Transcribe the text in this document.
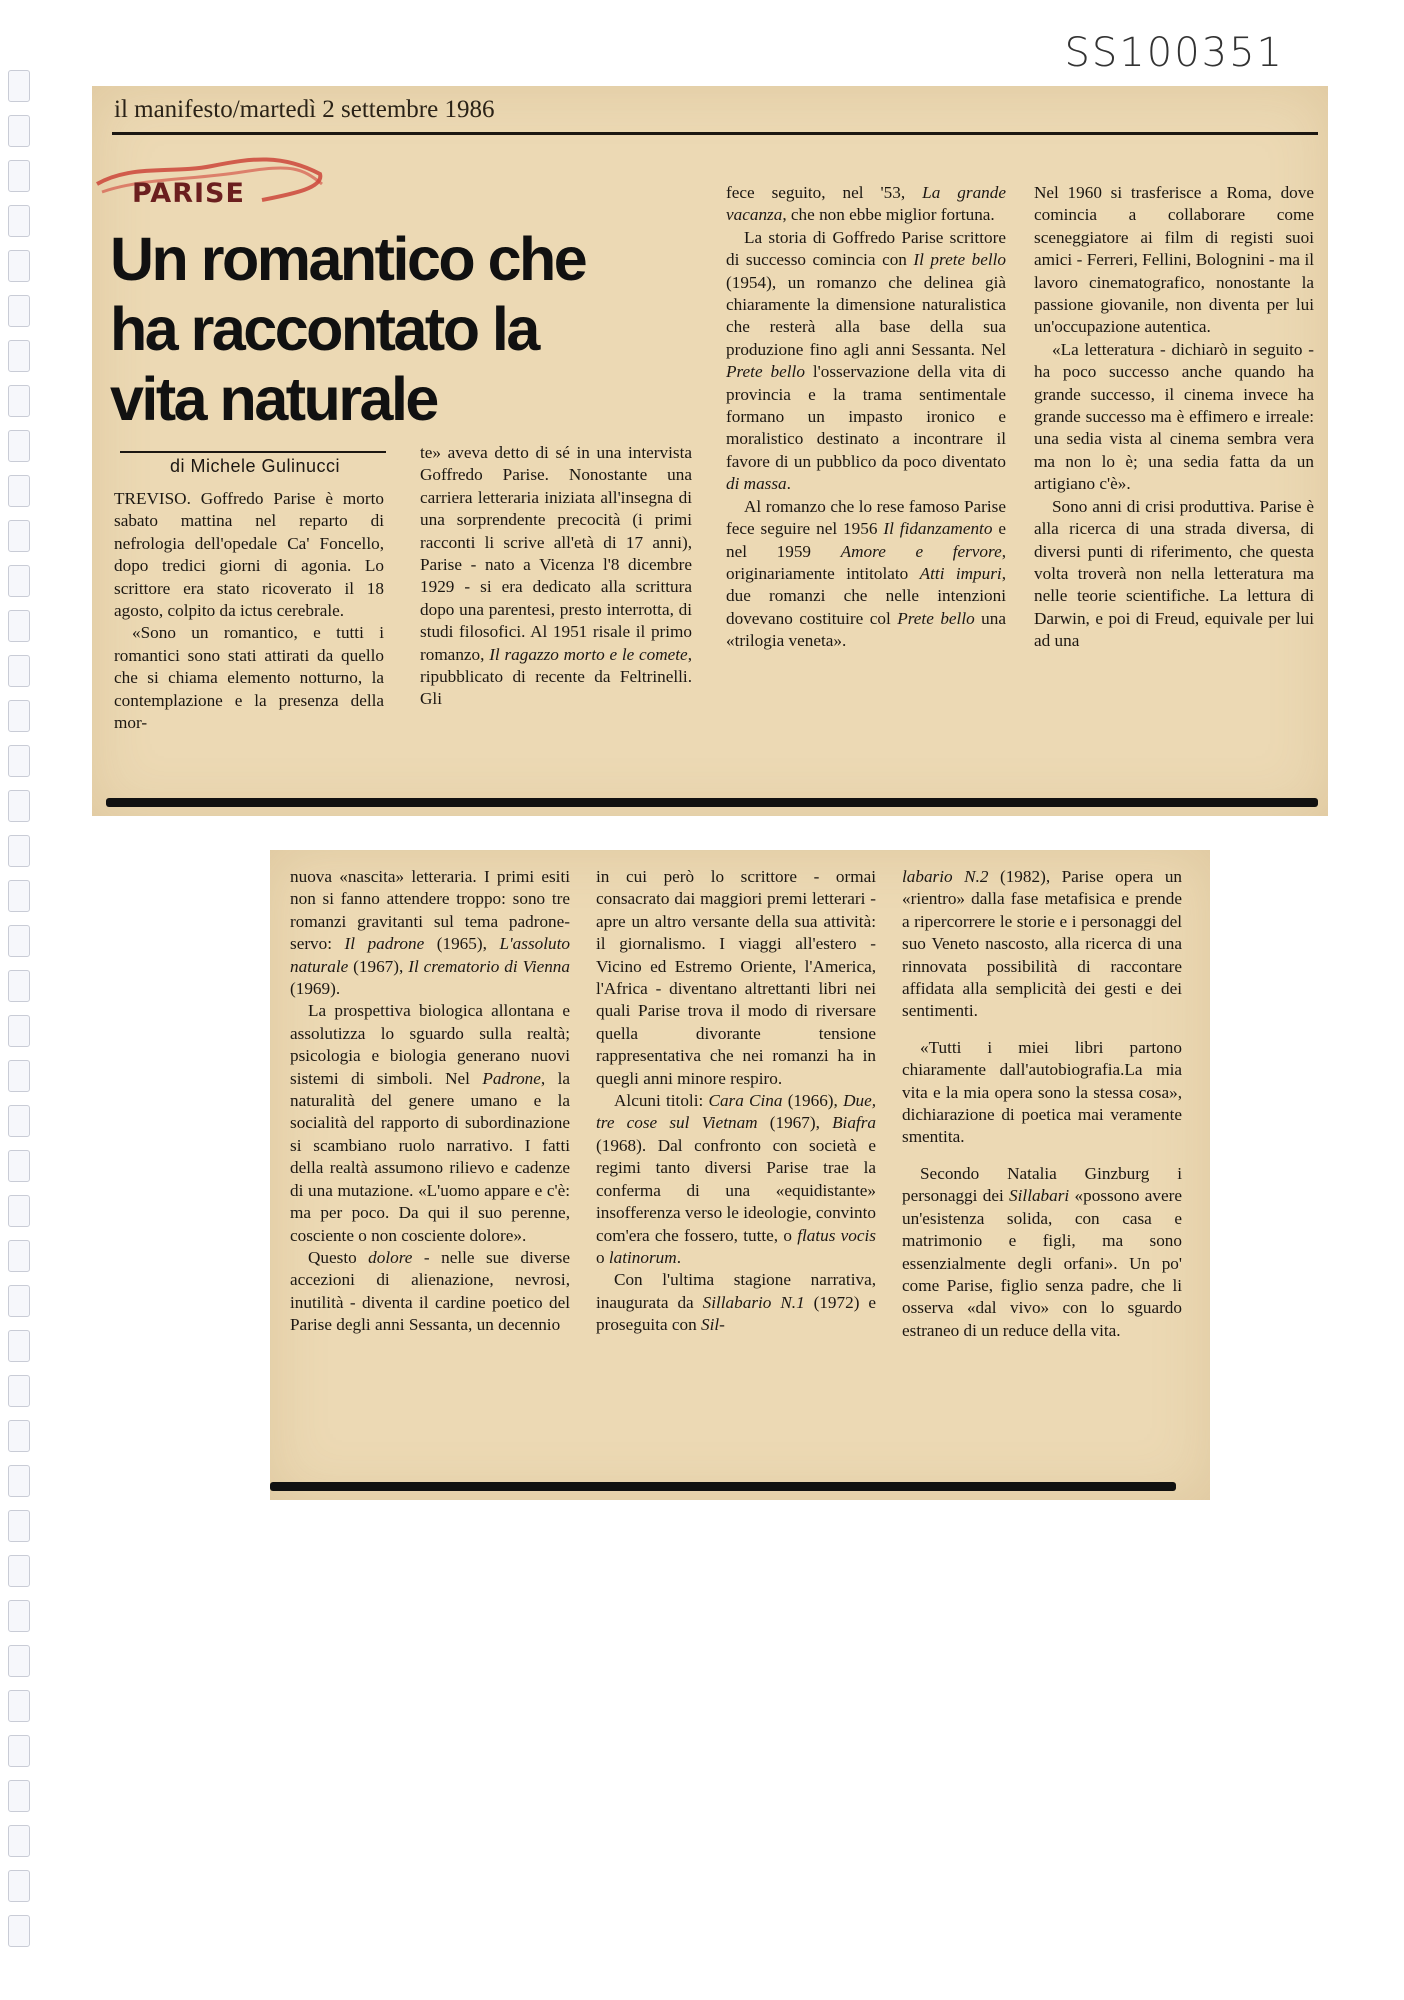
SS100351
il manifesto/martedì 2 settembre 1986
PARISE
Un romantico che ha raccontato la vita naturale
di Michele Gulinucci

TREVISO. Goffredo Parise è morto sabato mattina nel reparto di nefrologia dell'opedale Ca' Foncello, dopo tredici giorni di agonia. Lo scrittore era stato ricoverato il 18 agosto, colpito da ictus cerebrale.

«Sono un romantico, e tutti i romantici sono stati attirati da quello che si chiama elemento notturno, la contemplazione e la presenza della mor-

te» aveva detto di sé in una intervista Goffredo Parise. Nonostante una carriera letteraria iniziata all'insegna di una sorprendente precocità (i primi racconti li scrive all'età di 17 anni), Parise - nato a Vicenza l'8 dicembre 1929 - si era dedicato alla scrittura dopo una parentesi, presto interrotta, di studi filosofici. Al 1951 risale il primo romanzo, Il ragazzo morto e le comete, ripubblicato di recente da Feltrinelli. Gli

fece seguito, nel '53, La grande vacanza, che non ebbe miglior fortuna.

La storia di Goffredo Parise scrittore di successo comincia con Il prete bello (1954), un romanzo che delinea già chiaramente la dimensione naturalistica che resterà alla base della sua produzione fino agli anni Sessanta. Nel Prete bello l'osservazione della vita di provincia e la trama sentimentale formano un impasto ironico e moralistico destinato a incontrare il favore di un pubblico da poco diventato di massa.

Al romanzo che lo rese famoso Parise fece seguire nel 1956 Il fidanzamento e nel 1959 Amore e fervore, originariamente intitolato Atti impuri, due romanzi che nelle intenzioni dovevano costituire col Prete bello una «trilogia veneta».

Nel 1960 si trasferisce a Roma, dove comincia a collaborare come sceneggiatore ai film di registi suoi amici - Ferreri, Fellini, Bolognini - ma il lavoro cinematografico, nonostante la passione giovanile, non diventa per lui un'occupazione autentica.

«La letteratura - dichiarò in seguito - ha poco successo anche quando ha grande successo, il cinema invece ha grande successo ma è effimero e irreale: una sedia vista al cinema sembra vera ma non lo è; una sedia fatta da un artigiano c'è».

Sono anni di crisi produttiva. Parise è alla ricerca di una strada diversa, di diversi punti di riferimento, che questa volta troverà non nella letteratura ma nelle teorie scientifiche. La lettura di Darwin, e poi di Freud, equivale per lui ad una

nuova «nascita» letteraria. I primi esiti non si fanno attendere troppo: sono tre romanzi gravitanti sul tema padrone-servo: Il padrone (1965), L'assoluto naturale (1967), Il crematorio di Vienna (1969).

La prospettiva biologica allontana e assolutizza lo sguardo sulla realtà; psicologia e biologia generano nuovi sistemi di simboli. Nel Padrone, la naturalità del genere umano e la socialità del rapporto di subordinazione si scambiano ruolo narrativo. I fatti della realtà assumono rilievo e cadenze di una mutazione. «L'uomo appare e c'è: ma per poco. Da qui il suo perenne, cosciente o non cosciente dolore».

Questo dolore - nelle sue diverse accezioni di alienazione, nevrosi, inutilità - diventa il cardine poetico del Parise degli anni Sessanta, un decennio

in cui però lo scrittore - ormai consacrato dai maggiori premi letterari - apre un altro versante della sua attività: il giornalismo. I viaggi all'estero - Vicino ed Estremo Oriente, l'America, l'Africa - diventano altrettanti libri nei quali Parise trova il modo di riversare quella divorante tensione rappresentativa che nei romanzi ha in quegli anni minore respiro.

Alcuni titoli: Cara Cina (1966), Due, tre cose sul Vietnam (1967), Biafra (1968). Dal confronto con società e regimi tanto diversi Parise trae la conferma di una «equidistante» insofferenza verso le ideologie, convinto com'era che fossero, tutte, o flatus vocis o latinorum.

Con l'ultima stagione narrativa, inaugurata da Sillabario N.1 (1972) e proseguita con Sil-

labario N.2 (1982), Parise opera un «rientro» dalla fase metafisica e prende a ripercorrere le storie e i personaggi del suo Veneto nascosto, alla ricerca di una rinnovata possibilità di raccontare affidata alla semplicità dei gesti e dei sentimenti.

«Tutti i miei libri partono chiaramente dall'autobiografia.La mia vita e la mia opera sono la stessa cosa», dichiarazione di poetica mai veramente smentita.

Secondo Natalia Ginzburg i personaggi dei Sillabari «possono avere un'esistenza solida, con casa e matrimonio e figli, ma sono essenzialmente degli orfani». Un po' come Parise, figlio senza padre, che li osserva «dal vivo» con lo sguardo estraneo di un reduce della vita.
